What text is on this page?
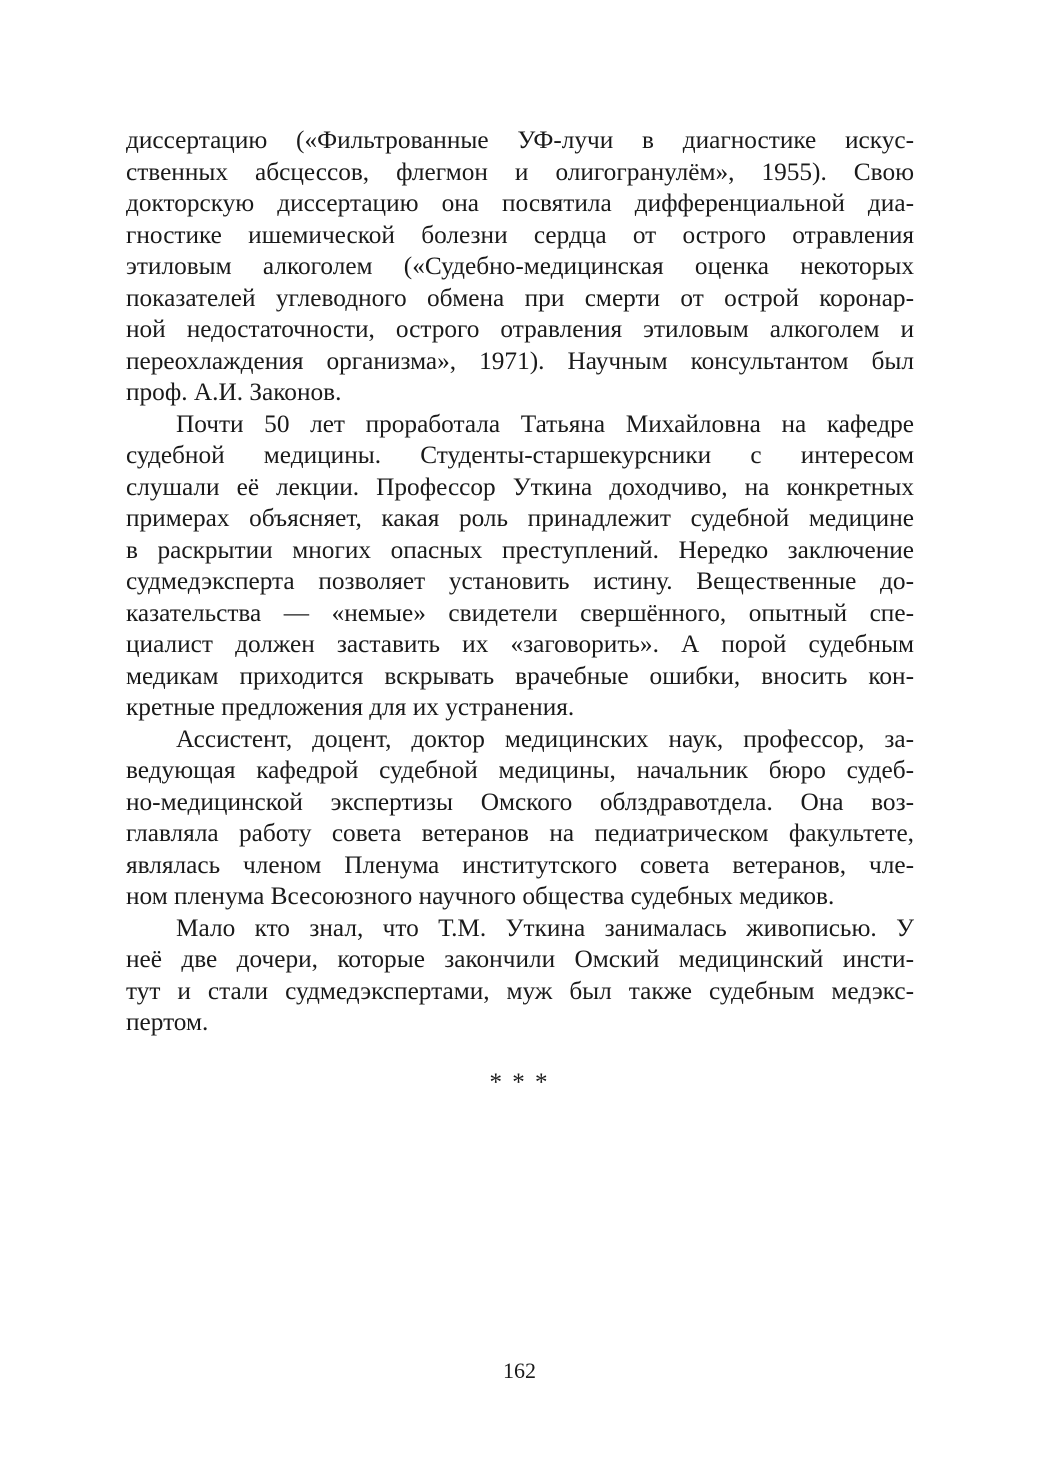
диссертацию («Фильтрованные УФ-лучи в диагностике искус-
ственных абсцессов, флегмон и олигогранулём», 1955). Свою
докторскую диссертацию она посвятила дифференциальной диа-
гностике ишемической болезни сердца от острого отравления
этиловым алкоголем («Судебно-медицинская оценка некоторых
показателей углеводного обмена при смерти от острой коронар-
ной недостаточности, острого отравления этиловым алкоголем и
переохлаждения организма», 1971). Научным консультантом был
проф. А.И. Законов.
Почти 50 лет проработала Татьяна Михайловна на кафедре
судебной медицины. Студенты-старшекурсники с интересом
слушали её лекции. Профессор Уткина доходчиво, на конкретных
примерах объясняет, какая роль принадлежит судебной медицине
в раскрытии многих опасных преступлений. Нередко заключение
судмедэксперта позволяет установить истину. Вещественные до-
казательства — «немые» свидетели свершённого, опытный спе-
циалист должен заставить их «заговорить». А порой судебным
медикам приходится вскрывать врачебные ошибки, вносить кон-
кретные предложения для их устранения.
Ассистент, доцент, доктор медицинских наук, профессор, за-
ведующая кафедрой судебной медицины, начальник бюро судеб-
но-медицинской экспертизы Омского облздравотдела. Она воз-
главляла работу совета ветеранов на педиатрическом факультете,
являлась членом Пленума институтского совета ветеранов, чле-
ном пленума Всесоюзного научного общества судебных медиков.
Мало кто знал, что Т.М. Уткина занималась живописью. У
неё две дочери, которые закончили Омский медицинский инсти-
тут и стали судмедэкспертами, муж был также судебным медэкс-
пертом.
* * *
162
